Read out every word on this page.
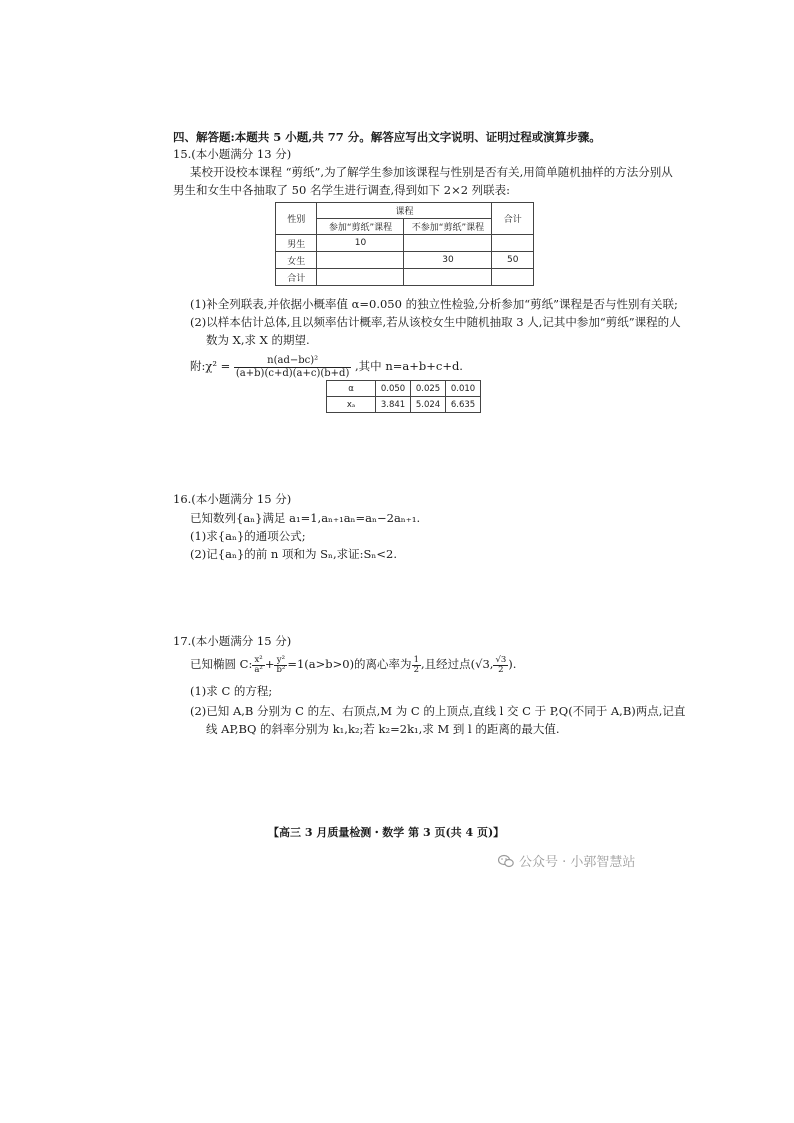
四、解答题:本题共 5 小题,共 77 分。解答应写出文字说明、证明过程或演算步骤。
15.(本小题满分 13 分)
某校开设校本课程 “剪纸”,为了解学生参加该课程与性别是否有关,用简单随机抽样的方法分别从
男生和女生中各抽取了 50 名学生进行调查,得到如下 2×2 列联表:
性别	课程		合计
	参加“剪纸”课程	不参加“剪纸”课程	
男生	10		
女生		30	50
合计			
(1)补全列联表,并依据小概率值 α=0.050 的独立性检验,分析参加“剪纸”课程是否与性别有关联;
(2)以样本估计总体,且以频率估计概率,若从该校女生中随机抽取 3 人,记其中参加“剪纸”课程的人
数为 X,求 X 的期望.
附:χ² = $\frac{\text{n(ad−bc)²}}{(a+b)(c+d)(a+c)(b+d)}$ ,其中 n=a+b+c+d.
α	0.050	0.025	0.010
xₐ	3.841	5.024	6.635
16.(本小题满分 15 分)
已知数列{aₙ}满足 a₁=1,aₙ₊₁aₙ=aₙ−2aₙ₊₁.
(1)求{aₙ}的通项公式;
(2)记{aₙ}的前 n 项和为 Sₙ,求证:Sₙ<2.
17.(本小题满分 15 分)
已知椭圆 C: $\frac{\text{x²}}{\text{a²}} + \frac{\text{y²}}{\text{b²}} =1(a>b>0)$的离心率为 $\frac{1}{2}$ ,且经过点(√3, $\frac{√3}{2}$ ).
(1)求 C 的方程;
(2)已知 A,B 分别为 C 的左、右顶点,M 为 C 的上顶点,直线 l 交 C 于 P,Q(不同于 A,B)两点,记直
线 AP,BQ 的斜率分别为 k₁,k₂;若 k₂=2k₁,求 M 到 l 的距离的最大值.
【高三 3 月质量检测・数学 第 3 页(共 4 页)】
公众号 · 小郭智慧站
